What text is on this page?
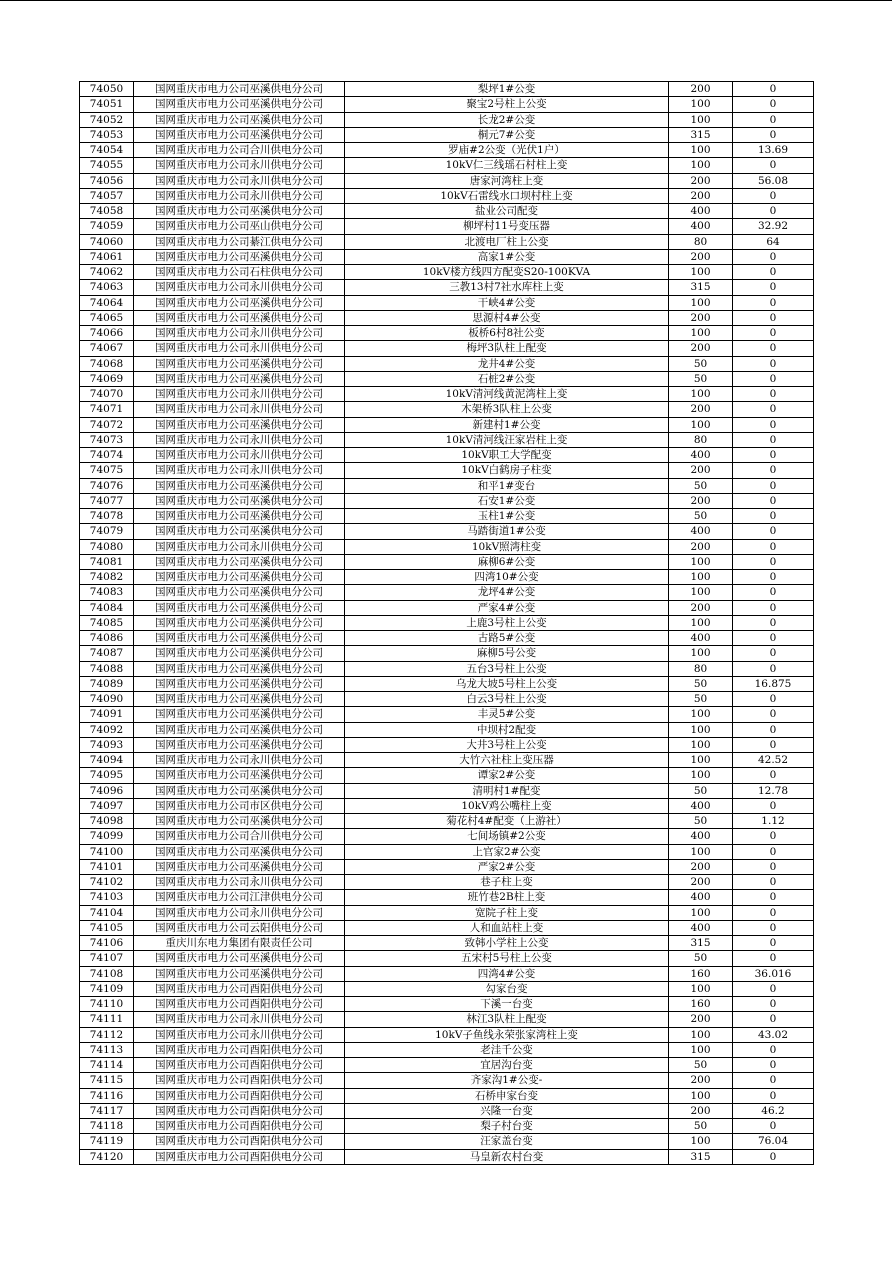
74050	国网重庆市电力公司巫溪供电分公司	梨坪1#公变	200	0
74051	国网重庆市电力公司巫溪供电分公司	聚宝2号柱上公变	100	0
74052	国网重庆市电力公司巫溪供电分公司	长龙2#公变	100	0
74053	国网重庆市电力公司巫溪供电分公司	桐元7#公变	315	0
74054	国网重庆市电力公司合川供电分公司	罗庙#2公变（光伏1户）	100	13.69
74055	国网重庆市电力公司永川供电分公司	10kV仁三线瑶石村柱上变	100	0
74056	国网重庆市电力公司永川供电分公司	唐家河湾柱上变	200	56.08
74057	国网重庆市电力公司永川供电分公司	10kV石雷线水口坝村柱上变	200	0
74058	国网重庆市电力公司巫溪供电分公司	盐业公司配变	400	0
74059	国网重庆市电力公司巫山供电分公司	柳坪村11号变压器	400	32.92
74060	国网重庆市电力公司綦江供电分公司	北渡电厂柱上公变	80	64
74061	国网重庆市电力公司巫溪供电分公司	高家1#公变	200	0
74062	国网重庆市电力公司石柱供电分公司	10kV楼方线四方配变S20-100KVA	100	0
74063	国网重庆市电力公司永川供电分公司	三教13村7社水库柱上变	315	0
74064	国网重庆市电力公司巫溪供电分公司	干峡4#公变	100	0
74065	国网重庆市电力公司巫溪供电分公司	思源村4#公变	200	0
74066	国网重庆市电力公司永川供电分公司	板桥6村8社公变	100	0
74067	国网重庆市电力公司永川供电分公司	梅坪3队柱上配变	200	0
74068	国网重庆市电力公司巫溪供电分公司	龙井4#公变	50	0
74069	国网重庆市电力公司巫溪供电分公司	石桩2#公变	50	0
74070	国网重庆市电力公司永川供电分公司	10kV清河线黄泥湾柱上变	100	0
74071	国网重庆市电力公司永川供电分公司	木架桥3队柱上公变	200	0
74072	国网重庆市电力公司巫溪供电分公司	新建村1#公变	100	0
74073	国网重庆市电力公司永川供电分公司	10kV清河线汪家岩柱上变	80	0
74074	国网重庆市电力公司永川供电分公司	10kV职工大学配变	400	0
74075	国网重庆市电力公司永川供电分公司	10kV白鹤房子柱变	200	0
74076	国网重庆市电力公司巫溪供电分公司	和平1#变台	50	0
74077	国网重庆市电力公司巫溪供电分公司	石安1#公变	200	0
74078	国网重庆市电力公司巫溪供电分公司	玉柱1#公变	50	0
74079	国网重庆市电力公司巫溪供电分公司	马踏街道1#公变	400	0
74080	国网重庆市电力公司永川供电分公司	10kV照湾柱变	200	0
74081	国网重庆市电力公司巫溪供电分公司	麻柳6#公变	100	0
74082	国网重庆市电力公司巫溪供电分公司	四湾10#公变	100	0
74083	国网重庆市电力公司巫溪供电分公司	龙坪4#公变	100	0
74084	国网重庆市电力公司巫溪供电分公司	严家4#公变	200	0
74085	国网重庆市电力公司巫溪供电分公司	上鹿3号柱上公变	100	0
74086	国网重庆市电力公司巫溪供电分公司	古路5#公变	400	0
74087	国网重庆市电力公司巫溪供电分公司	麻柳5号公变	100	0
74088	国网重庆市电力公司巫溪供电分公司	五台3号柱上公变	80	0
74089	国网重庆市电力公司巫溪供电分公司	乌龙大坡5号柱上公变	50	16.875
74090	国网重庆市电力公司巫溪供电分公司	白云3号柱上公变	50	0
74091	国网重庆市电力公司巫溪供电分公司	丰灵5#公变	100	0
74092	国网重庆市电力公司巫溪供电分公司	中坝村2配变	100	0
74093	国网重庆市电力公司巫溪供电分公司	大井3号柱上公变	100	0
74094	国网重庆市电力公司永川供电分公司	大竹六社柱上变压器	100	42.52
74095	国网重庆市电力公司巫溪供电分公司	谭家2#公变	100	0
74096	国网重庆市电力公司巫溪供电分公司	清明村1#配变	50	12.78
74097	国网重庆市电力公司市区供电分公司	10kV鸡公嘴柱上变	400	0
74098	国网重庆市电力公司巫溪供电分公司	菊花村4#配变（上游社）	50	1.12
74099	国网重庆市电力公司合川供电分公司	七间场镇#2公变	400	0
74100	国网重庆市电力公司巫溪供电分公司	上官家2#公变	100	0
74101	国网重庆市电力公司巫溪供电分公司	严家2#公变	200	0
74102	国网重庆市电力公司永川供电分公司	巷子柱上变	200	0
74103	国网重庆市电力公司江津供电分公司	班竹巷2B柱上变	400	0
74104	国网重庆市电力公司永川供电分公司	宽院子柱上变	100	0
74105	国网重庆市电力公司云阳供电分公司	人和血站柱上变	400	0
74106	重庆川东电力集团有限责任公司	致韩小学柱上公变	315	0
74107	国网重庆市电力公司巫溪供电分公司	五宋村5号柱上公变	50	0
74108	国网重庆市电力公司巫溪供电分公司	四湾4#公变	160	36.016
74109	国网重庆市电力公司酉阳供电分公司	勾家台变	100	0
74110	国网重庆市电力公司酉阳供电分公司	下溪一台变	160	0
74111	国网重庆市电力公司永川供电分公司	林江3队柱上配变	200	0
74112	国网重庆市电力公司永川供电分公司	10kV子鱼线永荣张家湾柱上变	100	43.02
74113	国网重庆市电力公司酉阳供电分公司	老洼千公变	100	0
74114	国网重庆市电力公司酉阳供电分公司	宜居沟台变	50	0
74115	国网重庆市电力公司酉阳供电分公司	齐家沟1#公变-	200	0
74116	国网重庆市电力公司酉阳供电分公司	石桥申家台变	100	0
74117	国网重庆市电力公司酉阳供电分公司	兴隆一台变	200	46.2
74118	国网重庆市电力公司酉阳供电分公司	梨子村台变	50	0
74119	国网重庆市电力公司酉阳供电分公司	汪家盖台变	100	76.04
74120	国网重庆市电力公司酉阳供电分公司	马皇新农村台变	315	0
